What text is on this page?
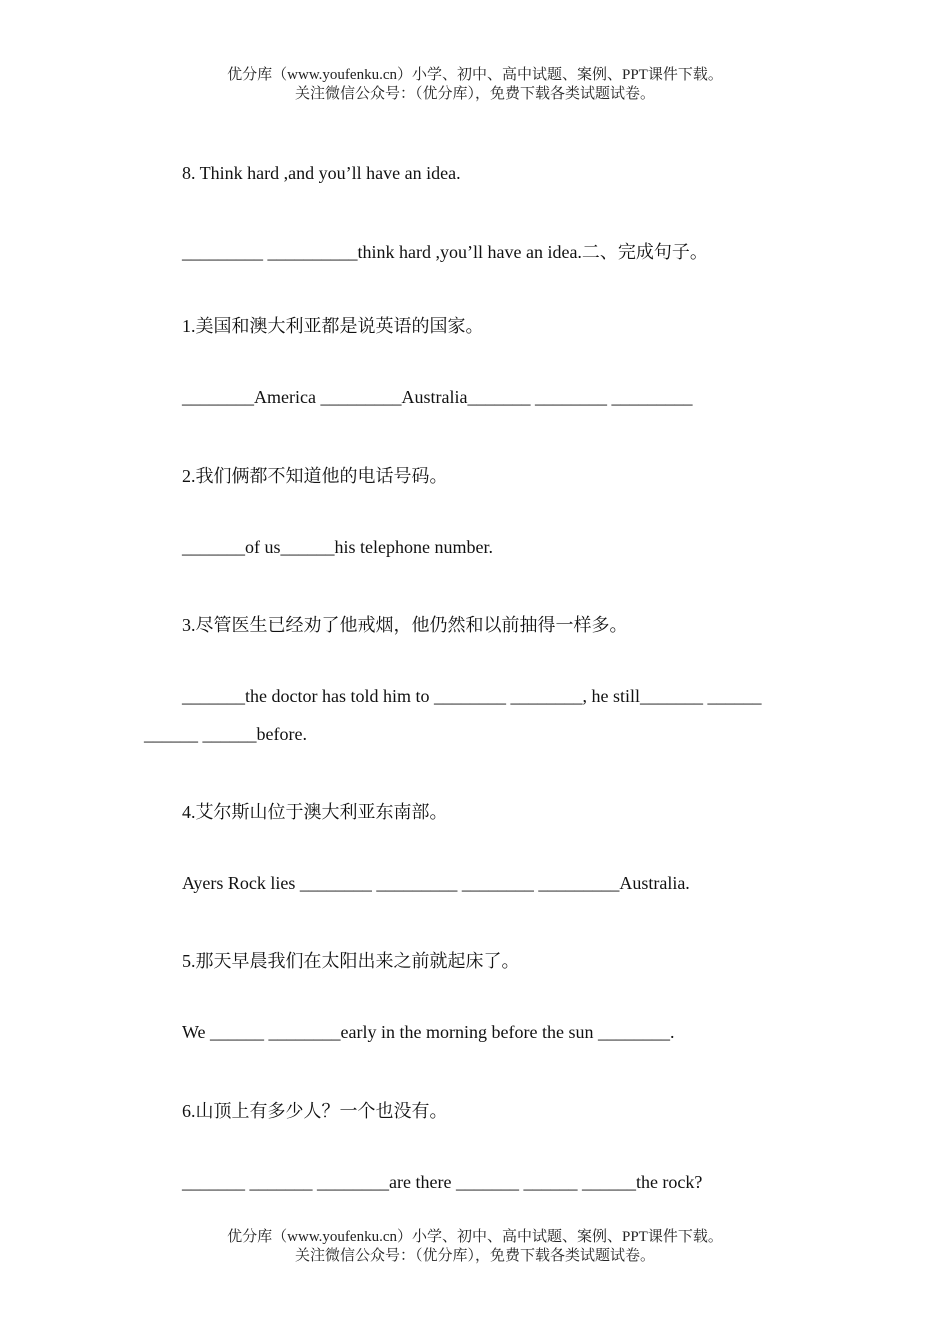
优分库（www.youfenku.cn）小学、初中、高中试题、案例、PPT课件下载。
关注微信公众号：（优分库），免费下载各类试题试卷。
8. Think hard ,and you’ll have an idea.
_________ __________think hard ,you’ll have an idea.二、完成句子。
1.美国和澳大利亚都是说英语的国家。
________America _________Australia_______ ________ _________
2.我们俩都不知道他的电话号码。
_______of us______his telephone number.
3.尽管医生已经劝了他戒烟，他仍然和以前抽得一样多。
_______the doctor has told him to ________ ________, he still_______ ______
______ ______before.
4.艾尔斯山位于澳大利亚东南部。
Ayers Rock lies ________ _________ ________ _________Australia.
5.那天早晨我们在太阳出来之前就起床了。
We ______ ________early in the morning before the sun ________.
6.山顶上有多少人？一个也没有。
_______ _______ ________are there _______ ______ ______the rock?
优分库（www.youfenku.cn）小学、初中、高中试题、案例、PPT课件下载。
关注微信公众号：（优分库），免费下载各类试题试卷。
